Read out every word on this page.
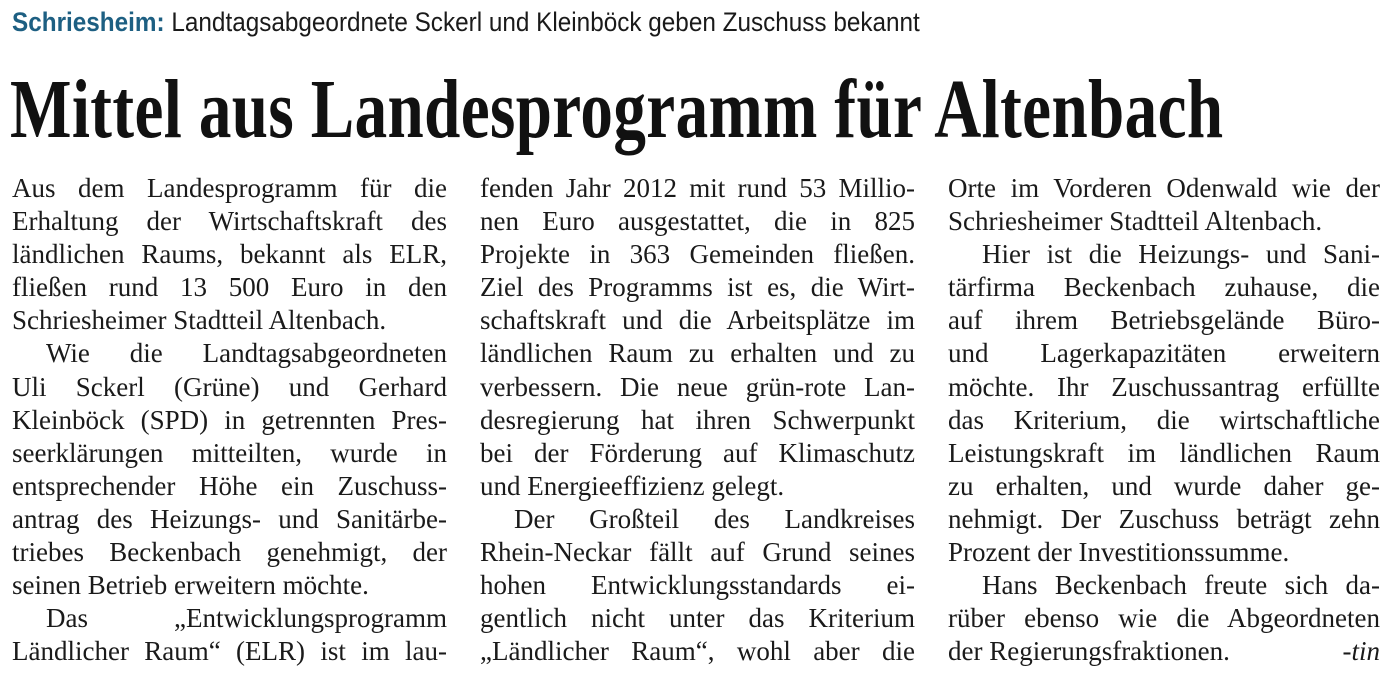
Schriesheim: Landtagsabgeordnete Sckerl und Kleinböck geben Zuschuss bekannt
Mittel aus Landesprogramm für Altenbach
Aus dem Landesprogramm für die
Erhaltung der Wirtschaftskraft des
ländlichen Raums, bekannt als ELR,
fließen rund 13 500 Euro in den
Schriesheimer Stadtteil Altenbach.
Wie die Landtagsabgeordneten
Uli Sckerl (Grüne) und Gerhard
Kleinböck (SPD) in getrennten Pres-
seerklärungen mitteilten, wurde in
entsprechender Höhe ein Zuschuss-
antrag des Heizungs- und Sanitärbe-
triebes Beckenbach genehmigt, der
seinen Betrieb erweitern möchte.
Das „Entwicklungsprogramm
Ländlicher Raum“ (ELR) ist im lau-
fenden Jahr 2012 mit rund 53 Millio-
nen Euro ausgestattet, die in 825
Projekte in 363 Gemeinden fließen.
Ziel des Programms ist es, die Wirt-
schaftskraft und die Arbeitsplätze im
ländlichen Raum zu erhalten und zu
verbessern. Die neue grün-rote Lan-
desregierung hat ihren Schwerpunkt
bei der Förderung auf Klimaschutz
und Energieeffizienz gelegt.
Der Großteil des Landkreises
Rhein-Neckar fällt auf Grund seines
hohen Entwicklungsstandards ei-
gentlich nicht unter das Kriterium
„Ländlicher Raum“, wohl aber die
Orte im Vorderen Odenwald wie der
Schriesheimer Stadtteil Altenbach.
Hier ist die Heizungs- und Sani-
tärfirma Beckenbach zuhause, die
auf ihrem Betriebsgelände Büro-
und Lagerkapazitäten erweitern
möchte. Ihr Zuschussantrag erfüllte
das Kriterium, die wirtschaftliche
Leistungskraft im ländlichen Raum
zu erhalten, und wurde daher ge-
nehmigt. Der Zuschuss beträgt zehn
Prozent der Investitionssumme.
Hans Beckenbach freute sich da-
rüber ebenso wie die Abgeordneten
der Regierungsfraktionen.	-tin
